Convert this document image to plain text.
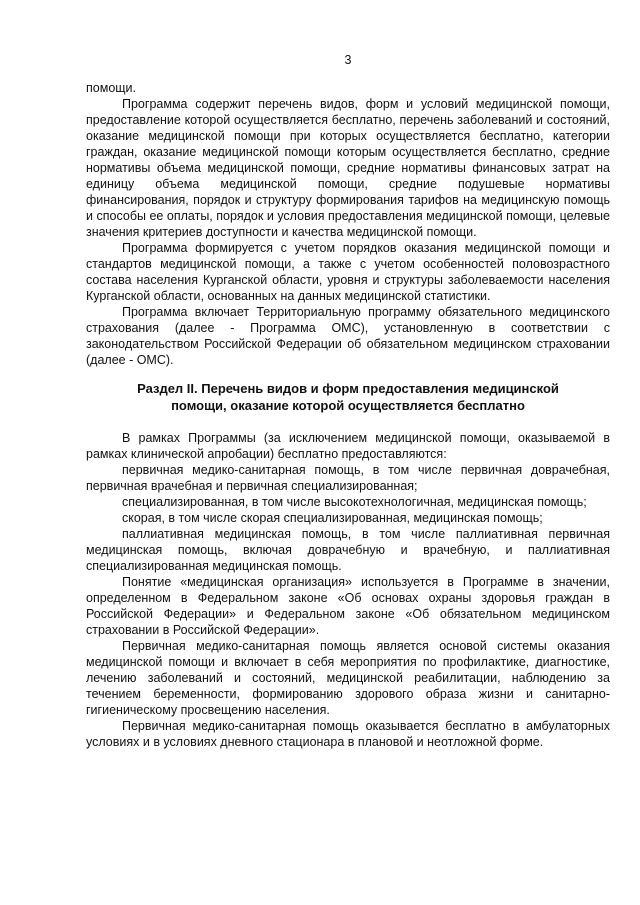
3

помощи.

Программа содержит перечень видов, форм и условий медицинской помощи, предоставление которой осуществляется бесплатно, перечень заболеваний и состояний, оказание медицинской помощи при которых осуществляется бесплатно, категории граждан, оказание медицинской помощи которым осуществляется бесплатно, средние нормативы объема медицинской помощи, средние нормативы финансовых затрат на единицу объема медицинской помощи, средние подушевые нормативы финансирования, порядок и структуру формирования тарифов на медицинскую помощь и способы ее оплаты, порядок и условия предоставления медицинской помощи, целевые значения критериев доступности и качества медицинской помощи.

Программа формируется с учетом порядков оказания медицинской помощи и стандартов медицинской помощи, а также с учетом особенностей половозрастного состава населения Курганской области, уровня и структуры заболеваемости населения Курганской области, основанных на данных медицинской статистики.

Программа включает Территориальную программу обязательного медицинского страхования (далее - Программа ОМС), установленную в соответствии с законодательством Российской Федерации об обязательном медицинском страховании (далее - ОМС).

Раздел II. Перечень видов и форм предоставления медицинской
помощи, оказание которой осуществляется бесплатно

В рамках Программы (за исключением медицинской помощи, оказываемой в рамках клинической апробации) бесплатно предоставляются:

первичная медико-санитарная помощь, в том числе первичная доврачебная, первичная врачебная и первичная специализированная;

специализированная, в том числе высокотехнологичная, медицинская помощь;

скорая, в том числе скорая специализированная, медицинская помощь;

паллиативная медицинская помощь, в том числе паллиативная первичная медицинская помощь, включая доврачебную и врачебную, и паллиативная специализированная медицинская помощь.

Понятие «медицинская организация» используется в Программе в значении, определенном в Федеральном законе «Об основах охраны здоровья граждан в Российской Федерации» и Федеральном законе «Об обязательном медицинском страховании в Российской Федерации».

Первичная медико-санитарная помощь является основой системы оказания медицинской помощи и включает в себя мероприятия по профилактике, диагностике, лечению заболеваний и состояний, медицинской реабилитации, наблюдению за течением беременности, формированию здорового образа жизни и санитарно-гигиеническому просвещению населения.

Первичная медико-санитарная помощь оказывается бесплатно в амбулаторных условиях и в условиях дневного стационара в плановой и неотложной форме.
